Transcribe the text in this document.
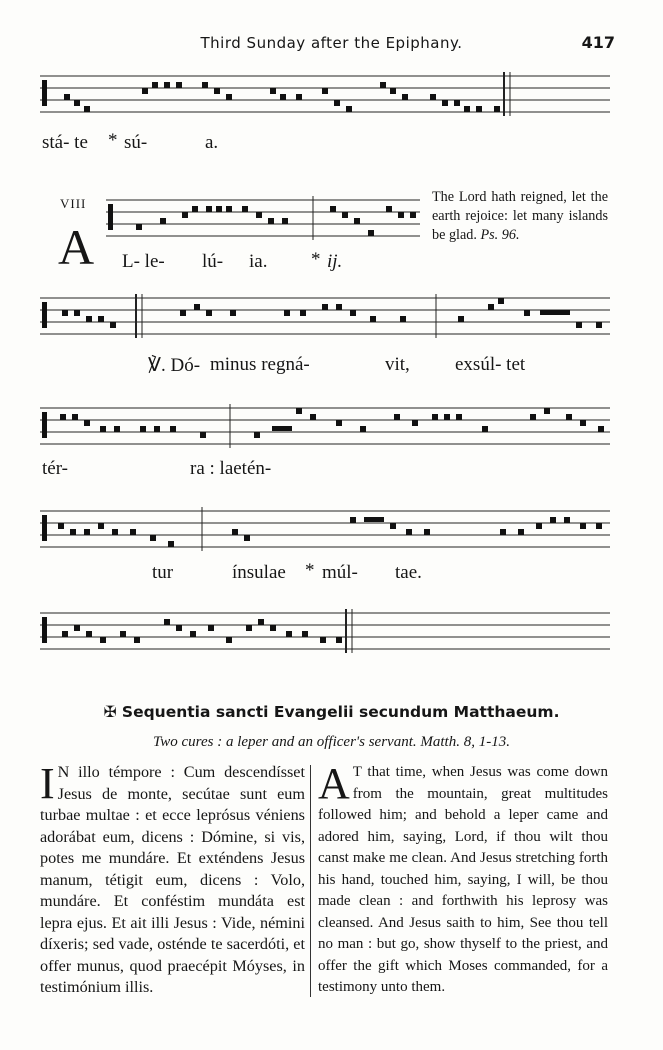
Third Sunday after the Epiphany.	417
stá- te * sú-	a.
VIII
A L- le- lú- ia. * ij.
The Lord hath reigned, let the earth rejoice: let many islands be glad. Ps. 96.
℣. Dó- minus regná-	vit, exsúl- tet
tér-	ra : laetén-
tur	ínsulae * múl- tae.
✠ Sequentia sancti Evangelii secundum Matthaeum.
Two cures : a leper and an officer's servant. Matth. 8, 1-13.
I N illo témpore : Cum descendísset Jesus de monte, secútae sunt eum turbae multae : et ecce leprósus véniens adorábat eum, dicens : Dómine, si vis, potes me mundáre. Et exténdens Jesus manum, tétigit eum, dicens : Volo, mundáre. Et conféstim mundáta est lepra ejus. Et ait illi Jesus : Vide, némini díxeris; sed vade, osténde te sacerdóti, et offer munus, quod praecépit Móyses, in testimónium illis.
A T that time, when Jesus was come down from the mountain, great multitudes followed him; and behold a leper came and adored him, saying, Lord, if thou wilt thou canst make me clean. And Jesus stretching forth his hand, touched him, saying, I will, be thou made clean : and forthwith his leprosy was cleansed. And Jesus saith to him, See thou tell no man : but go, show thyself to the priest, and offer the gift which Moses commanded, for a testimony unto them.
